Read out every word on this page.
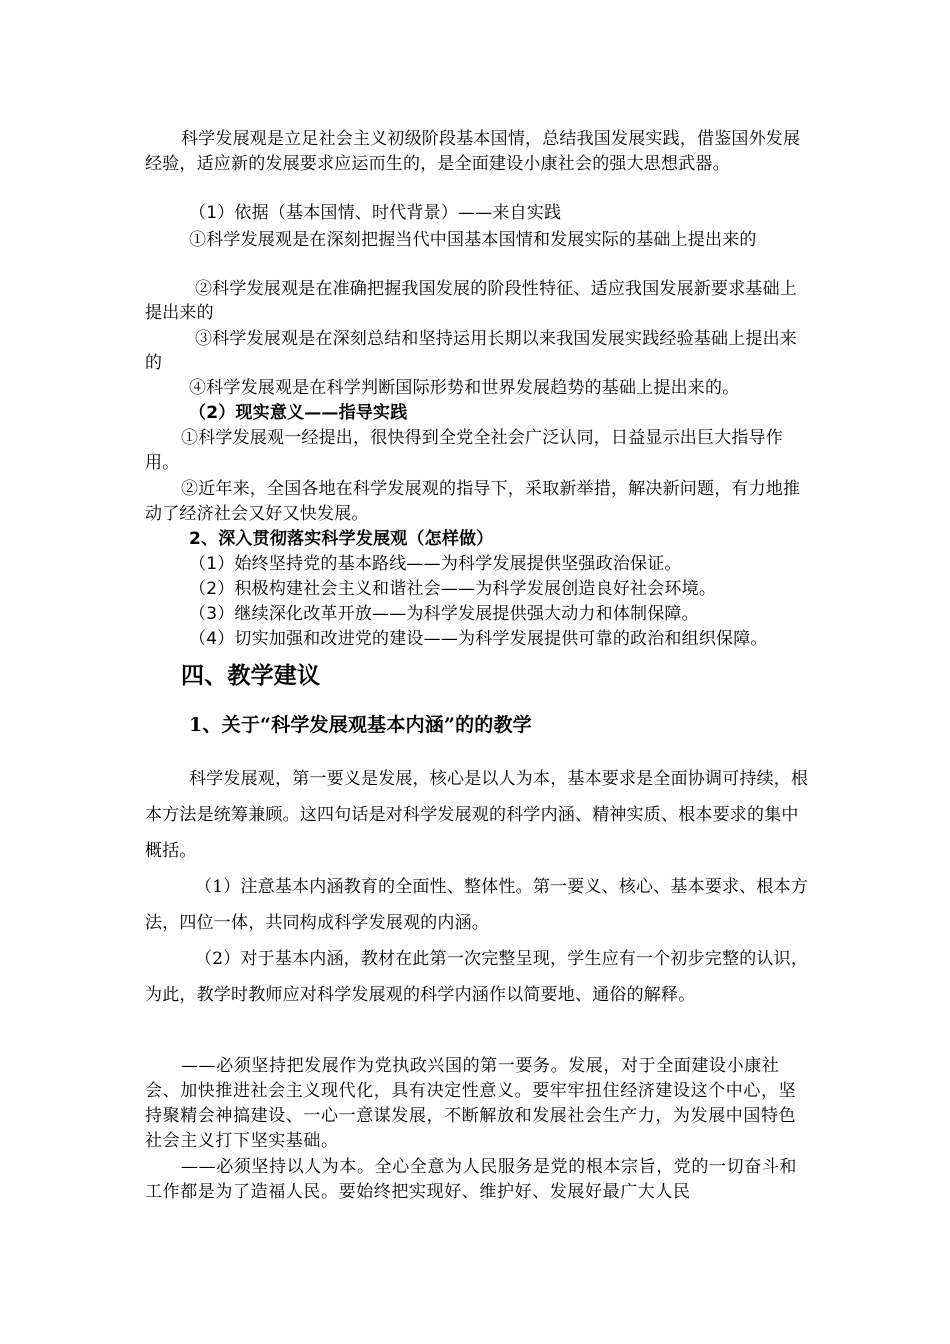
科学发展观是立足社会主义初级阶段基本国情，总结我国发展实践，借鉴国外发展经验，适应新的发展要求应运而生的，是全面建设小康社会的强大思想武器。

（1）依据（基本国情、时代背景）——来自实践

①科学发展观是在深刻把握当代中国基本国情和发展实际的基础上提出来的

②科学发展观是在准确把握我国发展的阶段性特征、适应我国发展新要求基础上提出来的

③科学发展观是在深刻总结和坚持运用长期以来我国发展实践经验基础上提出来的

④科学发展观是在科学判断国际形势和世界发展趋势的基础上提出来的。

（2）现实意义——指导实践

①科学发展观一经提出，很快得到全党全社会广泛认同，日益显示出巨大指导作用。

②近年来，全国各地在科学发展观的指导下，采取新举措，解决新问题，有力地推动了经济社会又好又快发展。

2、深入贯彻落实科学发展观（怎样做）

（1）始终坚持党的基本路线——为科学发展提供坚强政治保证。

（2）积极构建社会主义和谐社会——为科学发展创造良好社会环境。

（3）继续深化改革开放——为科学发展提供强大动力和体制保障。

（4）切实加强和改进党的建设——为科学发展提供可靠的政治和组织保障。

四、教学建议

1、关于“科学发展观基本内涵”的的教学

科学发展观，第一要义是发展，核心是以人为本，基本要求是全面协调可持续，根本方法是统筹兼顾。这四句话是对科学发展观的科学内涵、精神实质、根本要求的集中概括。

（1）注意基本内涵教育的全面性、整体性。第一要义、核心、基本要求、根本方法，四位一体，共同构成科学发展观的内涵。

（2）对于基本内涵，教材在此第一次完整呈现，学生应有一个初步完整的认识，为此，教学时教师应对科学发展观的科学内涵作以简要地、通俗的解释。

——必须坚持把发展作为党执政兴国的第一要务。发展，对于全面建设小康社会、加快推进社会主义现代化，具有决定性意义。要牢牢扭住经济建设这个中心，坚持聚精会神搞建设、一心一意谋发展，不断解放和发展社会生产力，为发展中国特色社会主义打下坚实基础。

——必须坚持以人为本。全心全意为人民服务是党的根本宗旨，党的一切奋斗和工作都是为了造福人民。要始终把实现好、维护好、发展好最广大人民
